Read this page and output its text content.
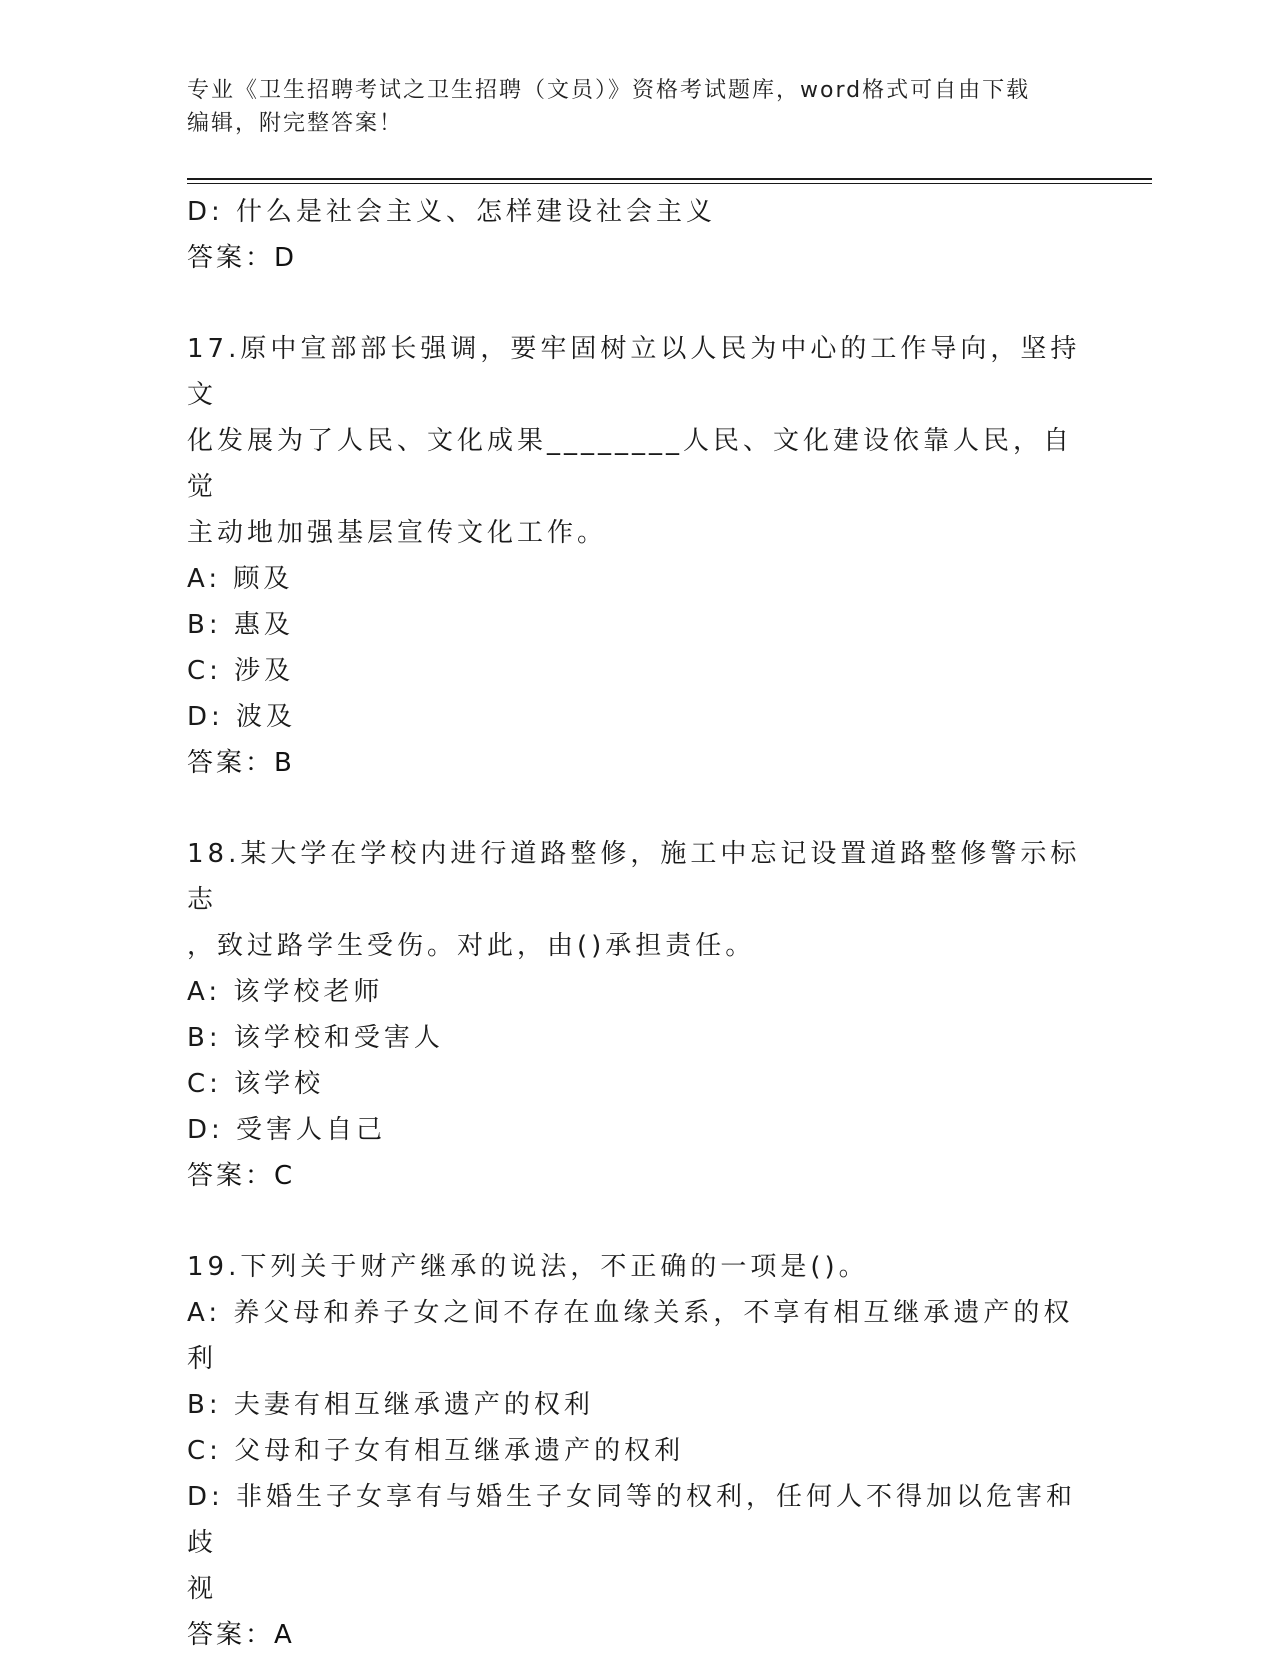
专业《卫生招聘考试之卫生招聘（文员）》资格考试题库，word格式可自由下载
编辑，附完整答案！
D: 什么是社会主义、怎样建设社会主义
答案：D
17.原中宣部部长强调，要牢固树立以人民为中心的工作导向，坚持文
化发展为了人民、文化成果________人民、文化建设依靠人民，自觉
主动地加强基层宣传文化工作。
A: 顾及
B: 惠及
C: 涉及
D: 波及
答案：B
18.某大学在学校内进行道路整修，施工中忘记设置道路整修警示标志
，致过路学生受伤。对此，由()承担责任。
A: 该学校老师
B: 该学校和受害人
C: 该学校
D: 受害人自己
答案：C
19.下列关于财产继承的说法，不正确的一项是()。
A: 养父母和养子女之间不存在血缘关系，不享有相互继承遗产的权利
B: 夫妻有相互继承遗产的权利
C: 父母和子女有相互继承遗产的权利
D: 非婚生子女享有与婚生子女同等的权利，任何人不得加以危害和歧
视
答案：A
